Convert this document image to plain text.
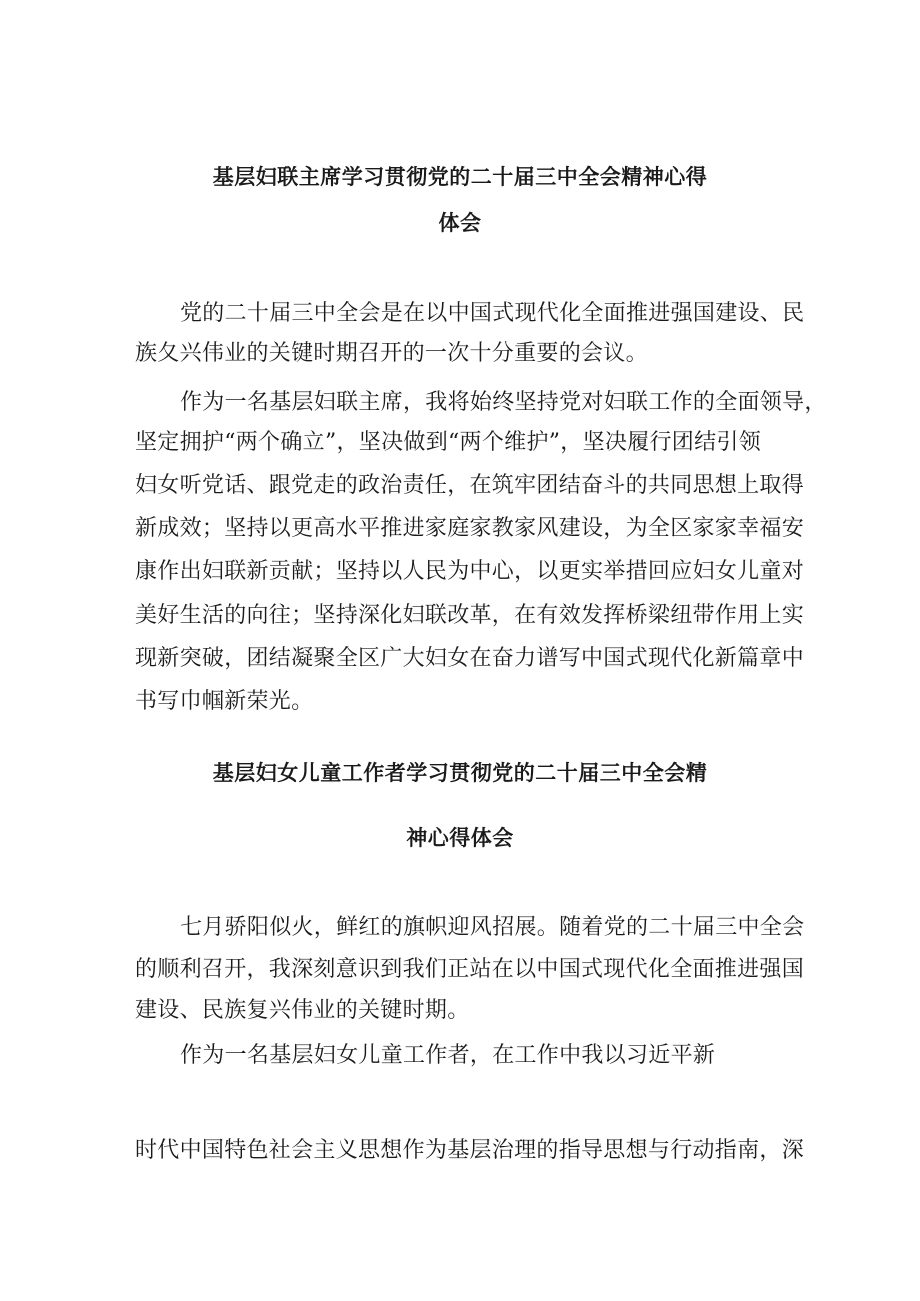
基层妇联主席学习贯彻党的二十届三中全会精神心得
体会
党的二十届三中全会是在以中国式现代化全面推进强国建设、民
族夂兴伟业的关键时期召开的一次十分重要的会议。
作为一名基层妇联主席，我将始终坚持党对妇联工作的全面领导，
坚定拥护“两个确立”，坚决做到“两个维护”，坚决履行团结引领
妇女听党话、跟党走的政治责任，在筑牢团结奋斗的共同思想上取得
新成效；坚持以更高水平推进家庭家教家风建设，为全区家家幸福安
康作出妇联新贡献；坚持以人民为中心，以更实举措回应妇女儿童对
美好生活的向往；坚持深化妇联改革，在有效发挥桥梁纽带作用上实
现新突破，团结凝聚全区广大妇女在奋力谱写中国式现代化新篇章中
书写巾帼新荣光。
基层妇女儿童工作者学习贯彻党的二十届三中全会精
神心得体会
七月骄阳似火，鲜红的旗帜迎风招展。随着党的二十届三中全会
的顺利召开，我深刻意识到我们正站在以中国式现代化全面推进强国
建设、民族复兴伟业的关键时期。
作为一名基层妇女儿童工作者，在工作中我以习近平新
时代中国特色社会主义思想作为基层治理的指导思想与行动指南，深
